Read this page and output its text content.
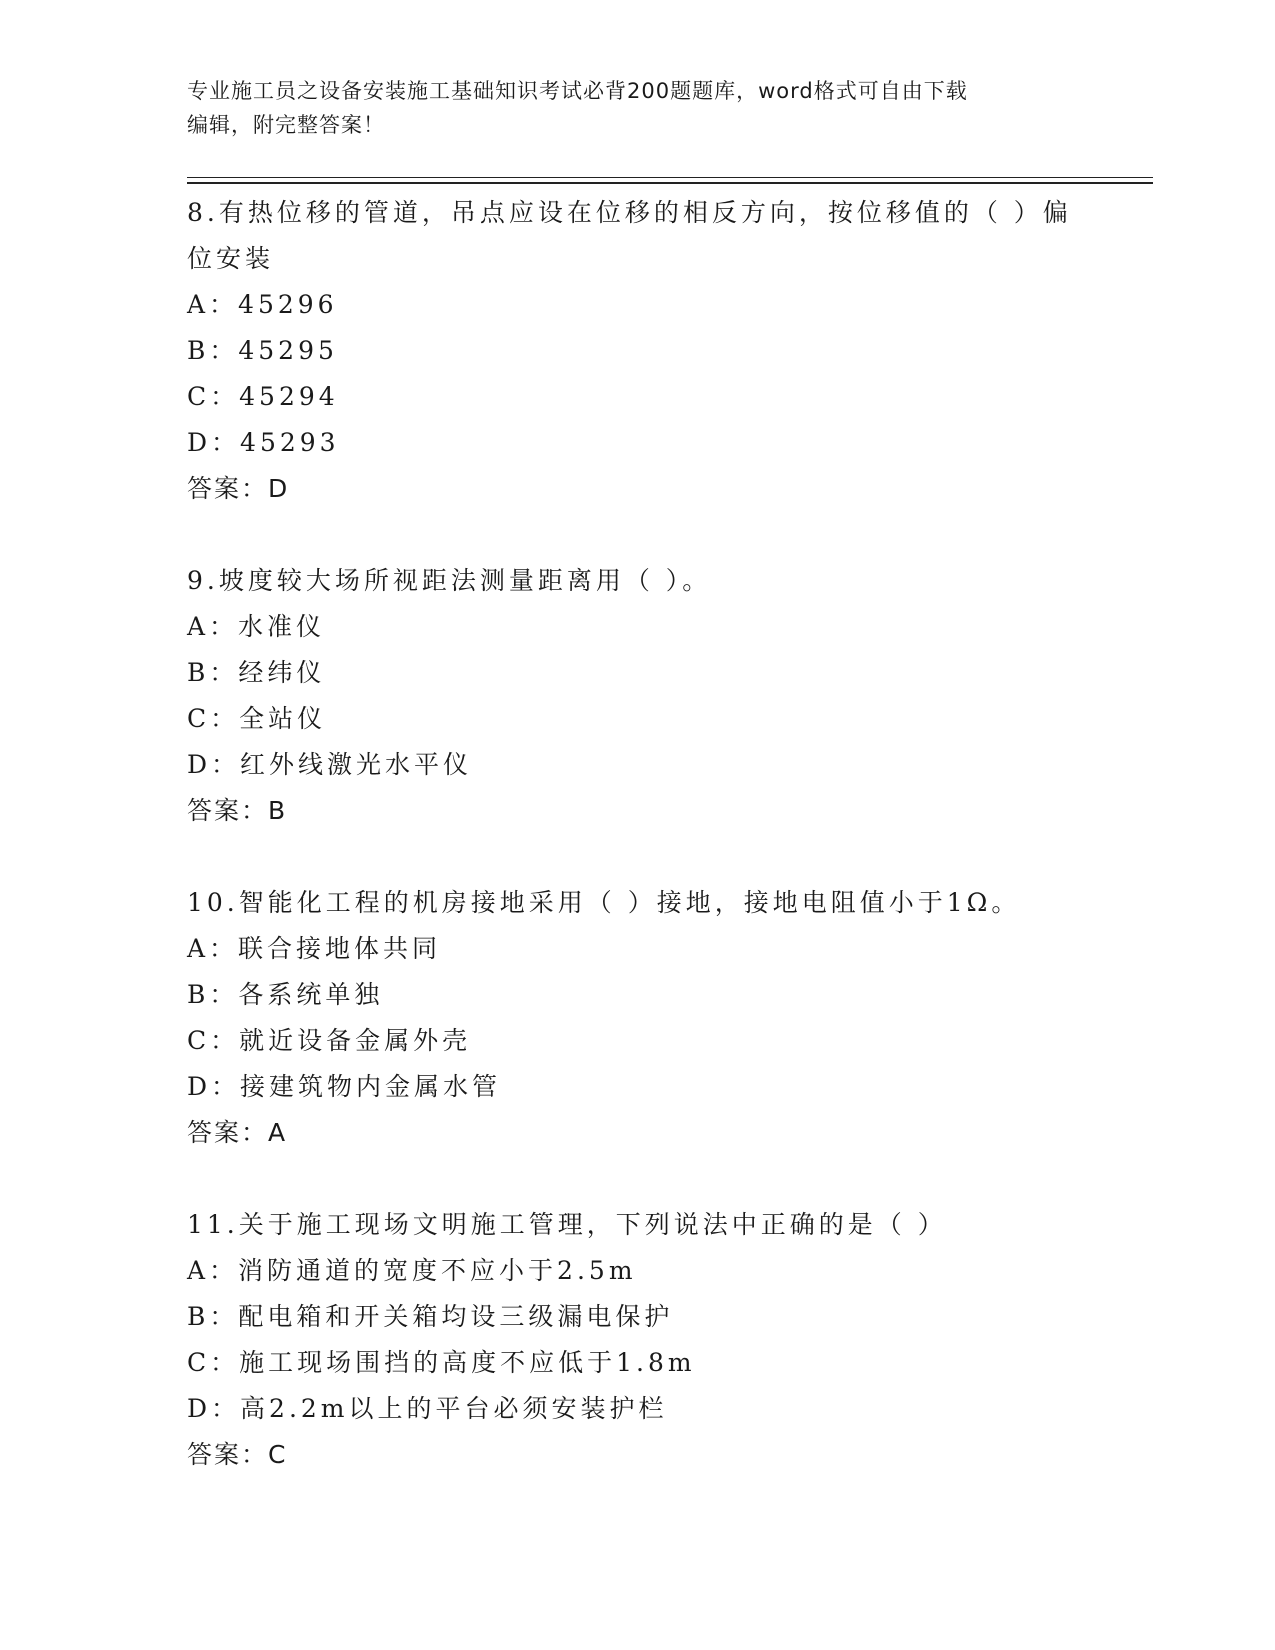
专业施工员之设备安装施工基础知识考试必背200题题库，word格式可自由下载
编辑，附完整答案！
8.有热位移的管道，吊点应设在位移的相反方向，按位移值的（ ）偏
位安装
A：45296
B：45295
C：45294
D：45293
答案：D
9.坡度较大场所视距法测量距离用（ ）。
A：水准仪
B：经纬仪
C：全站仪
D：红外线激光水平仪
答案：B
10.智能化工程的机房接地采用（ ）接地，接地电阻值小于1Ω。
A：联合接地体共同
B：各系统单独
C：就近设备金属外壳
D：接建筑物内金属水管
答案：A
11.关于施工现场文明施工管理，下列说法中正确的是（ ）
A：消防通道的宽度不应小于2.5m
B：配电箱和开关箱均设三级漏电保护
C：施工现场围挡的高度不应低于1.8m
D：高2.2m以上的平台必须安装护栏
答案：C
